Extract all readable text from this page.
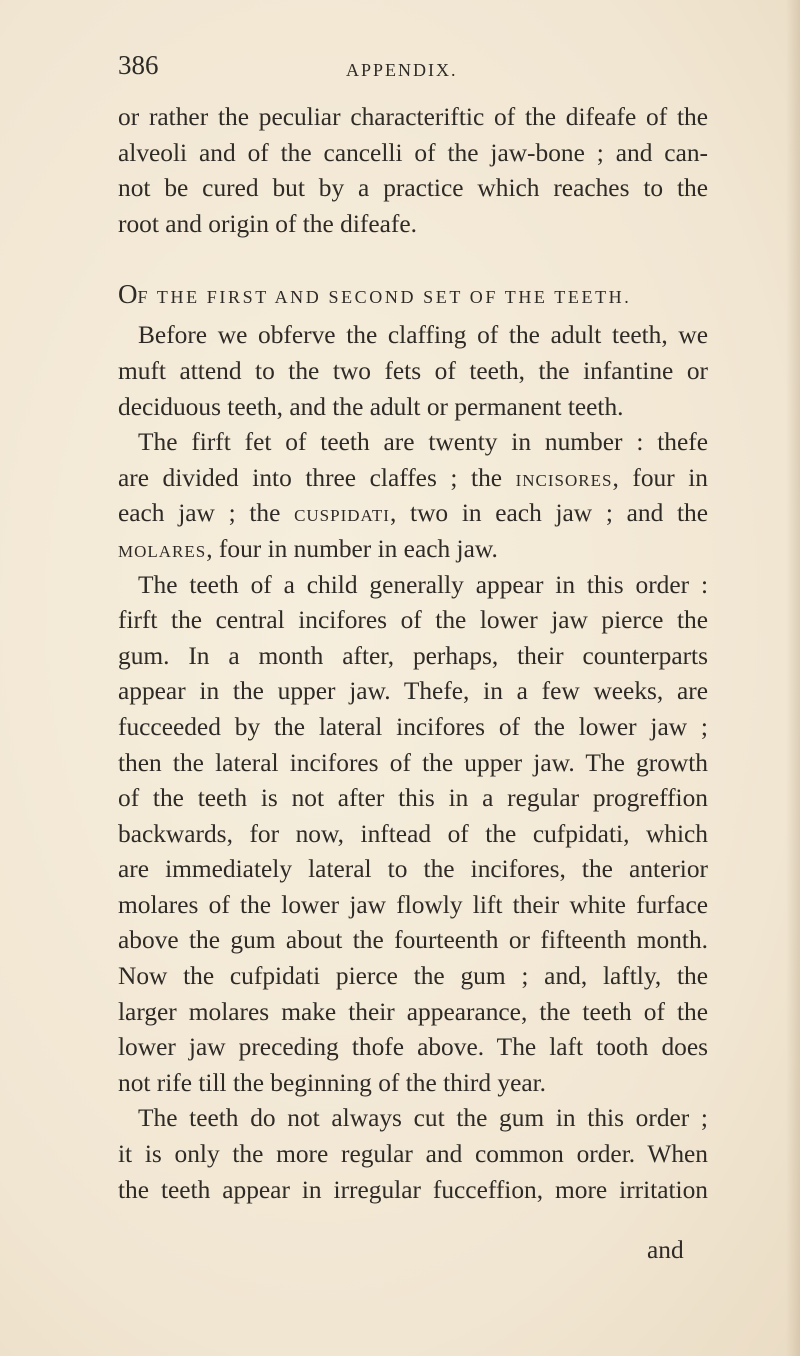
386	APPENDIX.
or rather the peculiar characteriftic of the difeafe of the
alveoli and of the cancelli of the jaw-bone ; and can-
not be cured but by a practice which reaches to the
root and origin of the difeafe.
OF THE FIRST AND SECOND SET OF THE TEETH.
Before we obferve the claffing of the adult teeth, we
muft attend to the two fets of teeth, the infantine or
deciduous teeth, and the adult or permanent teeth.
The firft fet of teeth are twenty in number : thefe
are divided into three claffes ; the incisores, four in
each jaw ; the cuspidati, two in each jaw ; and the
molares, four in number in each jaw.
The teeth of a child generally appear in this order :
firft the central incifores of the lower jaw pierce the
gum. In a month after, perhaps, their counterparts
appear in the upper jaw. Thefe, in a few weeks, are
fucceeded by the lateral incifores of the lower jaw ;
then the lateral incifores of the upper jaw. The growth
of the teeth is not after this in a regular progreffion
backwards, for now, inftead of the cufpidati, which
are immediately lateral to the incifores, the anterior
molares of the lower jaw flowly lift their white furface
above the gum about the fourteenth or fifteenth month.
Now the cufpidati pierce the gum ; and, laftly, the
larger molares make their appearance, the teeth of the
lower jaw preceding thofe above. The laft tooth does
not rife till the beginning of the third year.
The teeth do not always cut the gum in this order ;
it is only the more regular and common order. When
the teeth appear in irregular fucceffion, more irritation
and
